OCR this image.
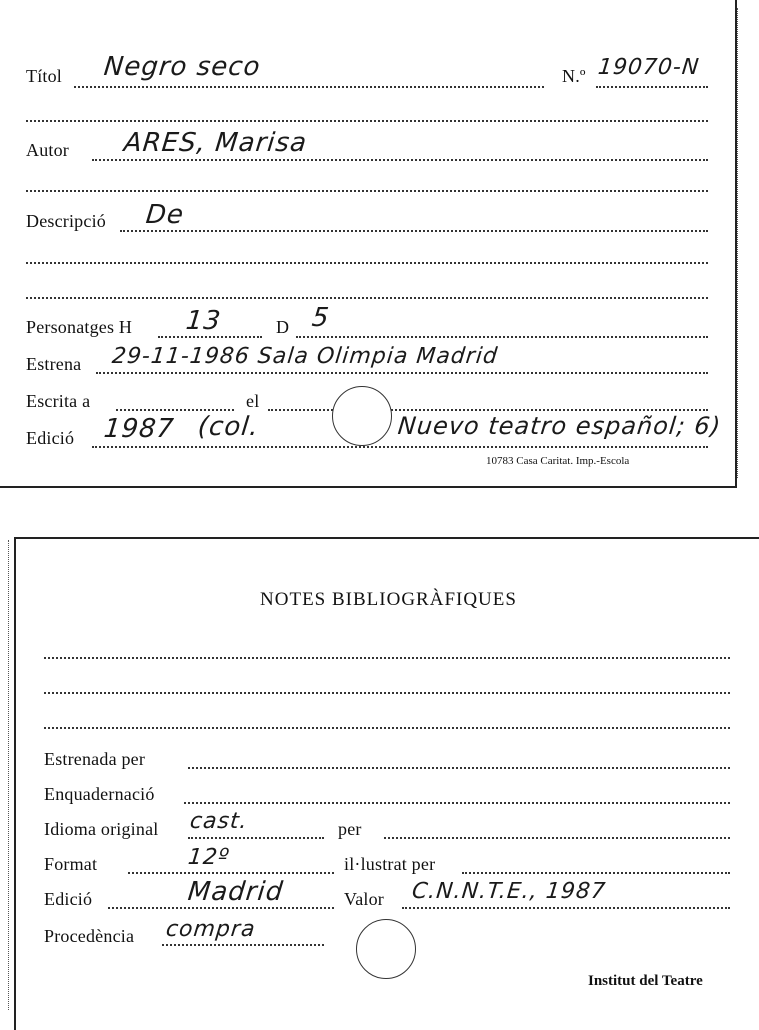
Títol Negro seco	N.º 19070-N
Autor ARES, Marisa
Descripció De
Personatges H 13	D 5
Estrena 29-11-1986 Sala Olimpia Madrid
Escrita a	el
Edició 1987 (col.	Nuevo teatro español; 6)
10783 Casa Caritat. Imp.-Escola
NOTES BIBLIOGRÀFIQUES
Estrenada per
Enquadernació
Idioma original cast.	per
Format	12º	il·lustrat per
Edició	Madrid	Valor C.N.N.T.E., 1987
Procedència compra
Institut del Teatre
